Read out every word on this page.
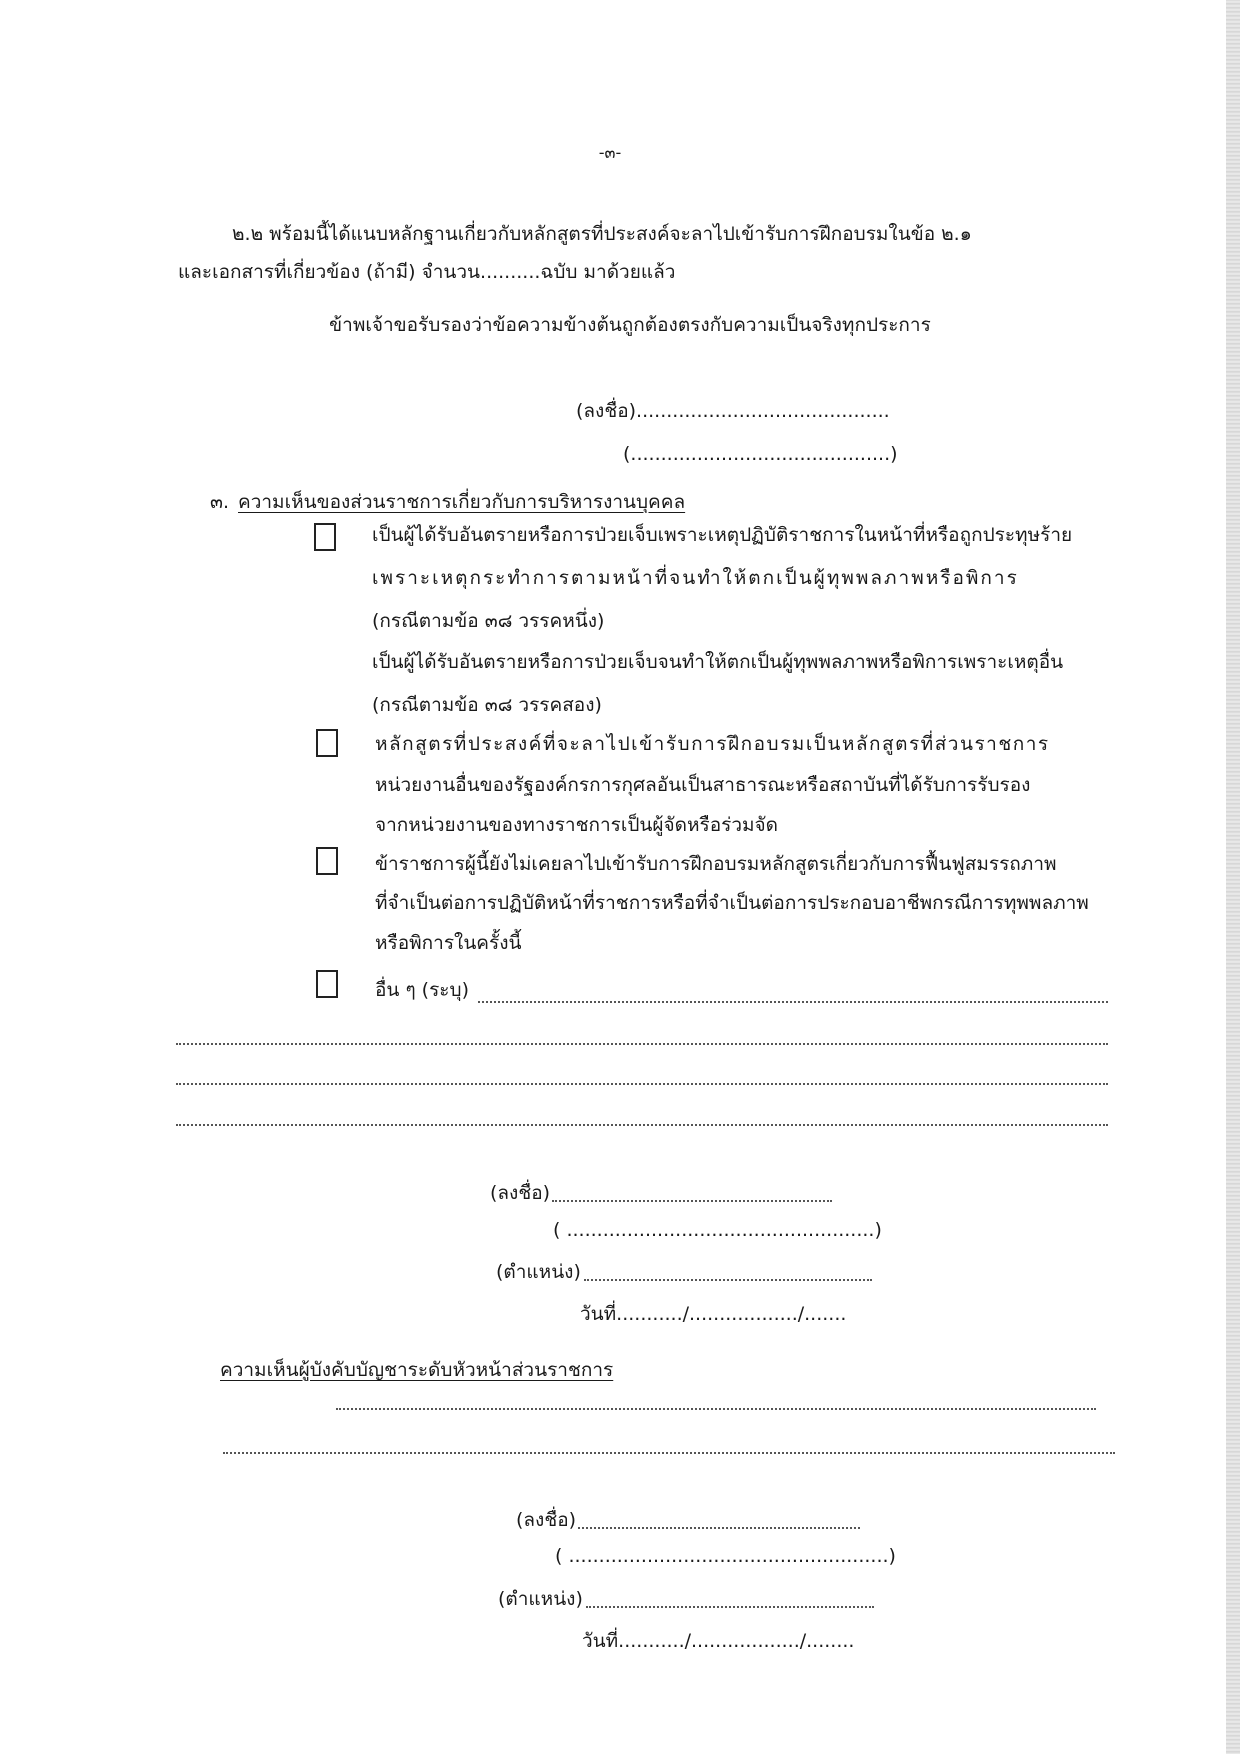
-๓-
๒.๒ พร้อมนี้ได้แนบหลักฐานเกี่ยวกับหลักสูตรที่ประสงค์จะลาไปเข้ารับการฝึกอบรมในข้อ ๒.๑
และเอกสารที่เกี่ยวข้อง (ถ้ามี) จำนวน..........ฉบับ มาด้วยแล้ว
ข้าพเจ้าขอรับรองว่าข้อความข้างต้นถูกต้องตรงกับความเป็นจริงทุกประการ
(ลงชื่อ)..........................................
(...........................................)
๓. ความเห็นของส่วนราชการเกี่ยวกับการบริหารงานบุคคล
เป็นผู้ได้รับอันตรายหรือการป่วยเจ็บเพราะเหตุปฏิบัติราชการในหน้าที่หรือถูกประทุษร้าย
เพราะเหตุกระทำการตามหน้าที่จนทำให้ตกเป็นผู้ทุพพลภาพหรือพิการ
(กรณีตามข้อ ๓๘ วรรคหนึ่ง)
เป็นผู้ได้รับอันตรายหรือการป่วยเจ็บจนทำให้ตกเป็นผู้ทุพพลภาพหรือพิการเพราะเหตุอื่น
(กรณีตามข้อ ๓๘ วรรคสอง)
หลักสูตรที่ประสงค์ที่จะลาไปเข้ารับการฝึกอบรมเป็นหลักสูตรที่ส่วนราชการ
หน่วยงานอื่นของรัฐองค์กรการกุศลอันเป็นสาธารณะหรือสถาบันที่ได้รับการรับรอง
จากหน่วยงานของทางราชการเป็นผู้จัดหรือร่วมจัด
ข้าราชการผู้นี้ยังไม่เคยลาไปเข้ารับการฝึกอบรมหลักสูตรเกี่ยวกับการฟื้นฟูสมรรถภาพ
ที่จำเป็นต่อการปฏิบัติหน้าที่ราชการหรือที่จำเป็นต่อการประกอบอาชีพกรณีการทุพพลภาพ
หรือพิการในครั้งนี้
อื่น ๆ (ระบุ)
(ลงชื่อ)
( ...................................................)
(ตำแหน่ง)
วันที่.........../................../.......
ความเห็นผู้บังคับบัญชาระดับหัวหน้าส่วนราชการ
(ลงชื่อ)
( .....................................................)
(ตำแหน่ง)
วันที่.........../................../........
